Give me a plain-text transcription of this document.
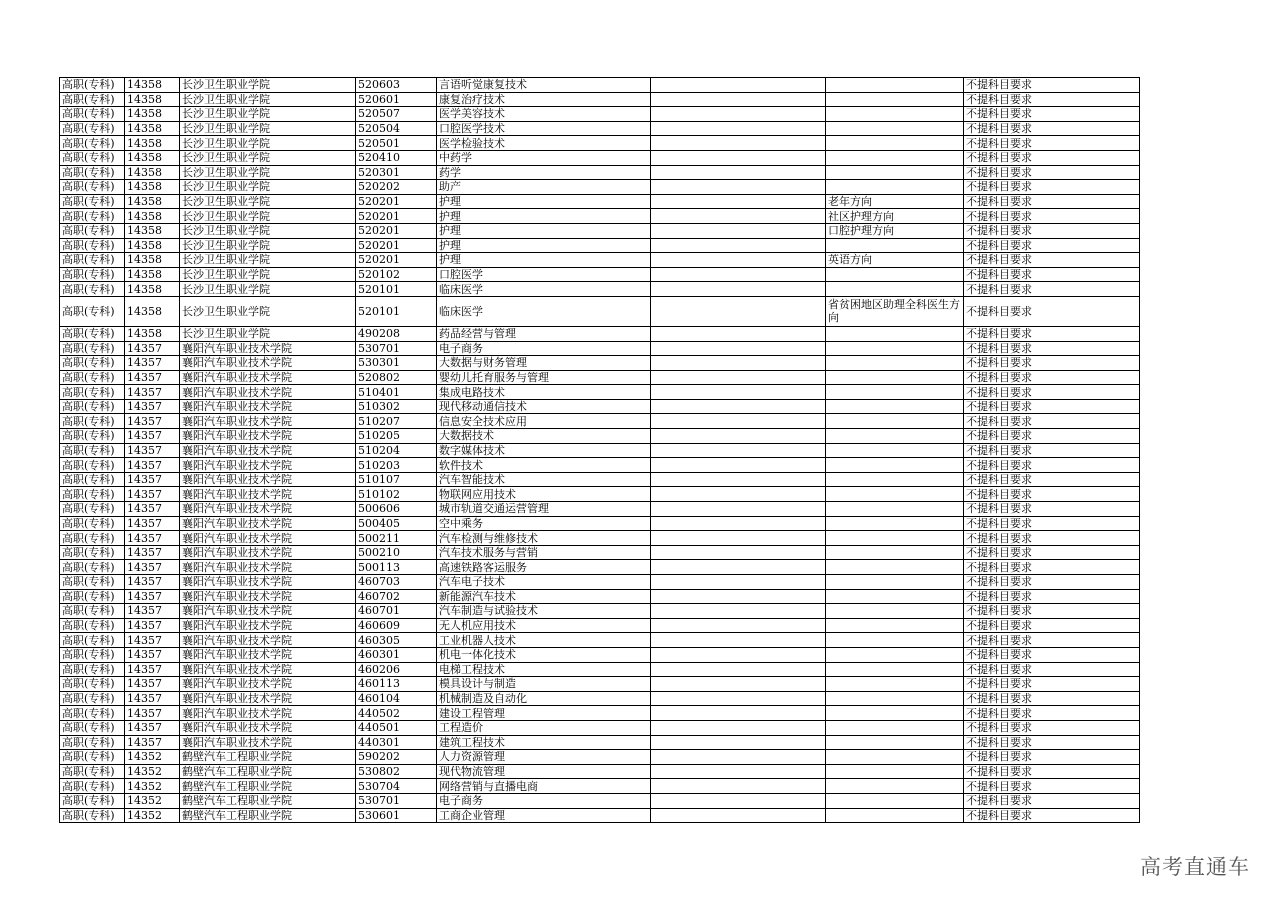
高职(专科)	14358	长沙卫生职业学院	520603	言语听觉康复技术			不提科目要求
高职(专科)	14358	长沙卫生职业学院	520601	康复治疗技术			不提科目要求
高职(专科)	14358	长沙卫生职业学院	520507	医学美容技术			不提科目要求
高职(专科)	14358	长沙卫生职业学院	520504	口腔医学技术			不提科目要求
高职(专科)	14358	长沙卫生职业学院	520501	医学检验技术			不提科目要求
高职(专科)	14358	长沙卫生职业学院	520410	中药学			不提科目要求
高职(专科)	14358	长沙卫生职业学院	520301	药学			不提科目要求
高职(专科)	14358	长沙卫生职业学院	520202	助产			不提科目要求
高职(专科)	14358	长沙卫生职业学院	520201	护理		老年方向	不提科目要求
高职(专科)	14358	长沙卫生职业学院	520201	护理		社区护理方向	不提科目要求
高职(专科)	14358	长沙卫生职业学院	520201	护理		口腔护理方向	不提科目要求
高职(专科)	14358	长沙卫生职业学院	520201	护理			不提科目要求
高职(专科)	14358	长沙卫生职业学院	520201	护理		英语方向	不提科目要求
高职(专科)	14358	长沙卫生职业学院	520102	口腔医学			不提科目要求
高职(专科)	14358	长沙卫生职业学院	520101	临床医学			不提科目要求
高职(专科)	14358	长沙卫生职业学院	520101	临床医学		省贫困地区助理全科医生方向	不提科目要求
高职(专科)	14358	长沙卫生职业学院	490208	药品经营与管理			不提科目要求
高职(专科)	14357	襄阳汽车职业技术学院	530701	电子商务			不提科目要求
高职(专科)	14357	襄阳汽车职业技术学院	530301	大数据与财务管理			不提科目要求
高职(专科)	14357	襄阳汽车职业技术学院	520802	婴幼儿托育服务与管理			不提科目要求
高职(专科)	14357	襄阳汽车职业技术学院	510401	集成电路技术			不提科目要求
高职(专科)	14357	襄阳汽车职业技术学院	510302	现代移动通信技术			不提科目要求
高职(专科)	14357	襄阳汽车职业技术学院	510207	信息安全技术应用			不提科目要求
高职(专科)	14357	襄阳汽车职业技术学院	510205	大数据技术			不提科目要求
高职(专科)	14357	襄阳汽车职业技术学院	510204	数字媒体技术			不提科目要求
高职(专科)	14357	襄阳汽车职业技术学院	510203	软件技术			不提科目要求
高职(专科)	14357	襄阳汽车职业技术学院	510107	汽车智能技术			不提科目要求
高职(专科)	14357	襄阳汽车职业技术学院	510102	物联网应用技术			不提科目要求
高职(专科)	14357	襄阳汽车职业技术学院	500606	城市轨道交通运营管理			不提科目要求
高职(专科)	14357	襄阳汽车职业技术学院	500405	空中乘务			不提科目要求
高职(专科)	14357	襄阳汽车职业技术学院	500211	汽车检测与维修技术			不提科目要求
高职(专科)	14357	襄阳汽车职业技术学院	500210	汽车技术服务与营销			不提科目要求
高职(专科)	14357	襄阳汽车职业技术学院	500113	高速铁路客运服务			不提科目要求
高职(专科)	14357	襄阳汽车职业技术学院	460703	汽车电子技术			不提科目要求
高职(专科)	14357	襄阳汽车职业技术学院	460702	新能源汽车技术			不提科目要求
高职(专科)	14357	襄阳汽车职业技术学院	460701	汽车制造与试验技术			不提科目要求
高职(专科)	14357	襄阳汽车职业技术学院	460609	无人机应用技术			不提科目要求
高职(专科)	14357	襄阳汽车职业技术学院	460305	工业机器人技术			不提科目要求
高职(专科)	14357	襄阳汽车职业技术学院	460301	机电一体化技术			不提科目要求
高职(专科)	14357	襄阳汽车职业技术学院	460206	电梯工程技术			不提科目要求
高职(专科)	14357	襄阳汽车职业技术学院	460113	模具设计与制造			不提科目要求
高职(专科)	14357	襄阳汽车职业技术学院	460104	机械制造及自动化			不提科目要求
高职(专科)	14357	襄阳汽车职业技术学院	440502	建设工程管理			不提科目要求
高职(专科)	14357	襄阳汽车职业技术学院	440501	工程造价			不提科目要求
高职(专科)	14357	襄阳汽车职业技术学院	440301	建筑工程技术			不提科目要求
高职(专科)	14352	鹤壁汽车工程职业学院	590202	人力资源管理			不提科目要求
高职(专科)	14352	鹤壁汽车工程职业学院	530802	现代物流管理			不提科目要求
高职(专科)	14352	鹤壁汽车工程职业学院	530704	网络营销与直播电商			不提科目要求
高职(专科)	14352	鹤壁汽车工程职业学院	530701	电子商务			不提科目要求
高职(专科)	14352	鹤壁汽车工程职业学院	530601	工商企业管理			不提科目要求
高考直通车
